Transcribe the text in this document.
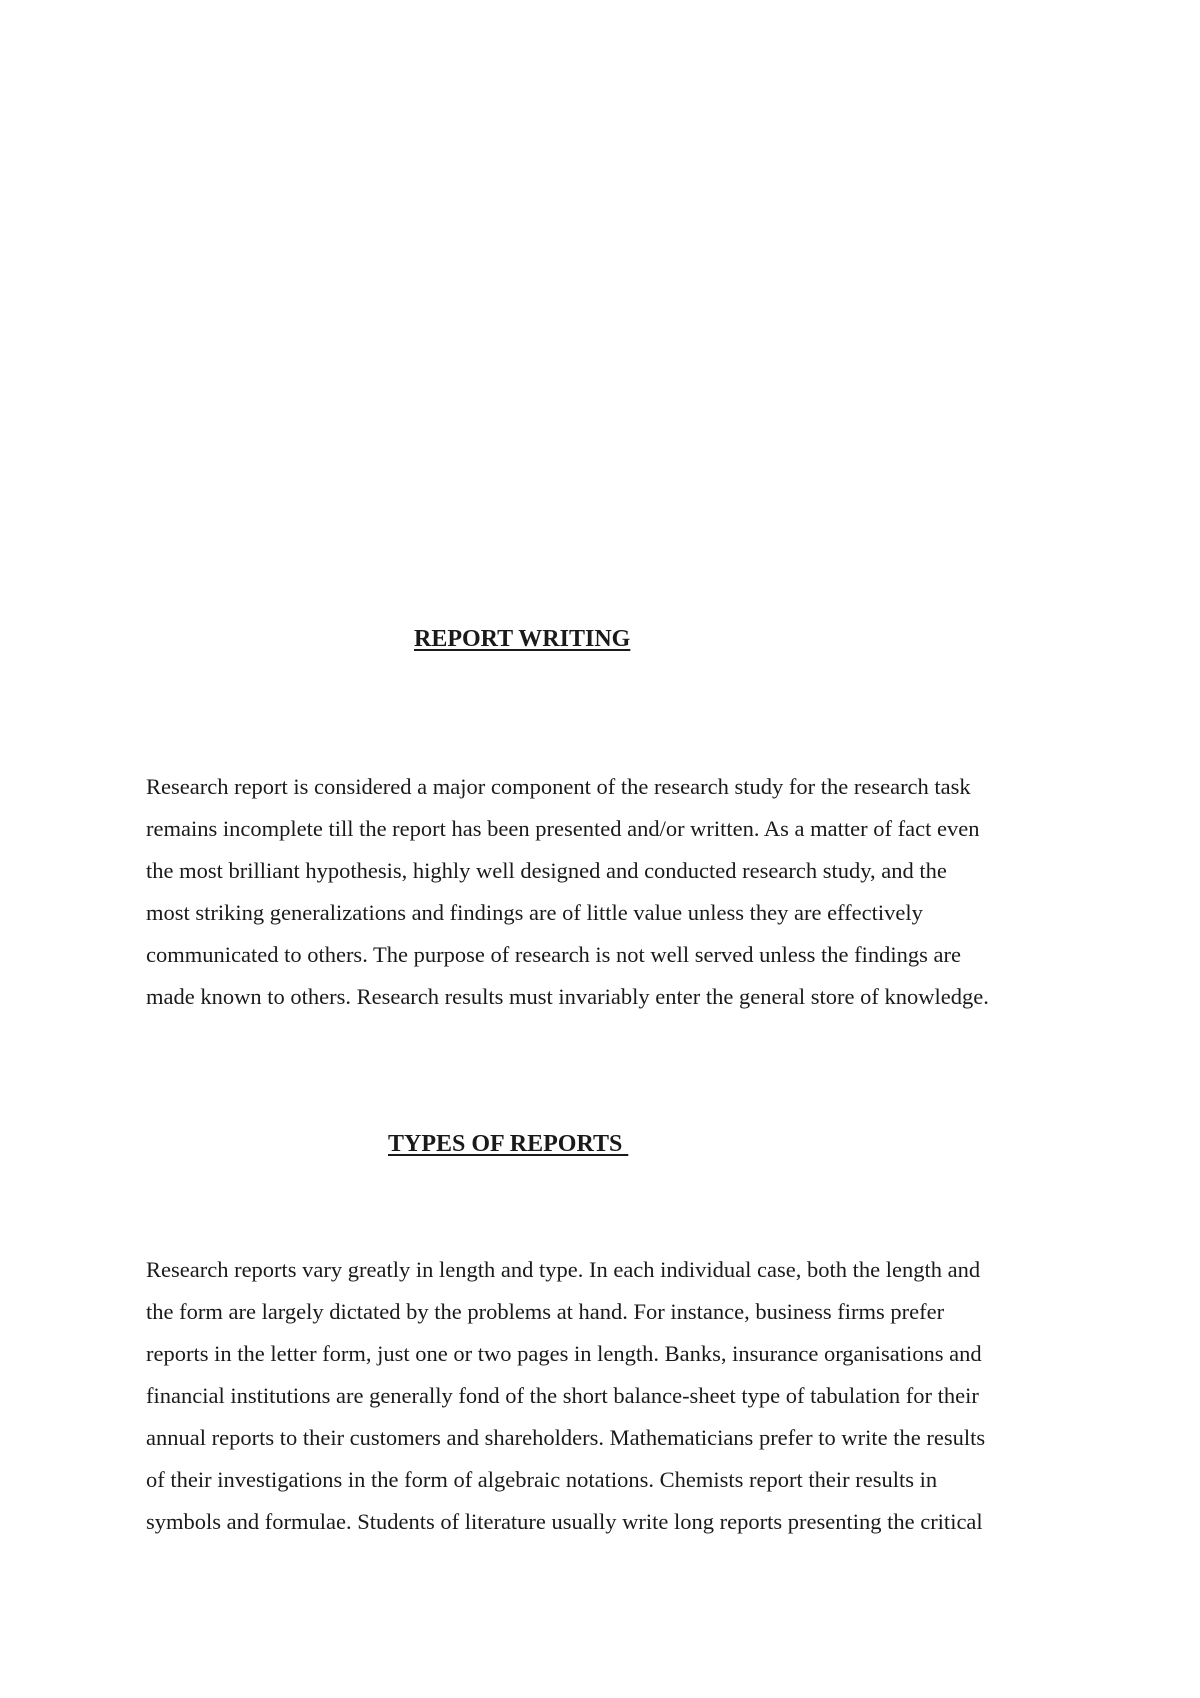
REPORT WRITING
Research report is considered a major component of the research study for the research task
remains incomplete till the report has been presented and/or written. As a matter of fact even
the most brilliant hypothesis, highly well designed and conducted research study, and the
most striking generalizations and findings are of little value unless they are effectively
communicated to others. The purpose of research is not well served unless the findings are
made known to others. Research results must invariably enter the general store of knowledge.
TYPES OF REPORTS
Research reports vary greatly in length and type. In each individual case, both the length and
the form are largely dictated by the problems at hand. For instance, business firms prefer
reports in the letter form, just one or two pages in length. Banks, insurance organisations and
financial institutions are generally fond of the short balance-sheet type of tabulation for their
annual reports to their customers and shareholders. Mathematicians prefer to write the results
of their investigations in the form of algebraic notations. Chemists report their results in
symbols and formulae. Students of literature usually write long reports presenting the critical
